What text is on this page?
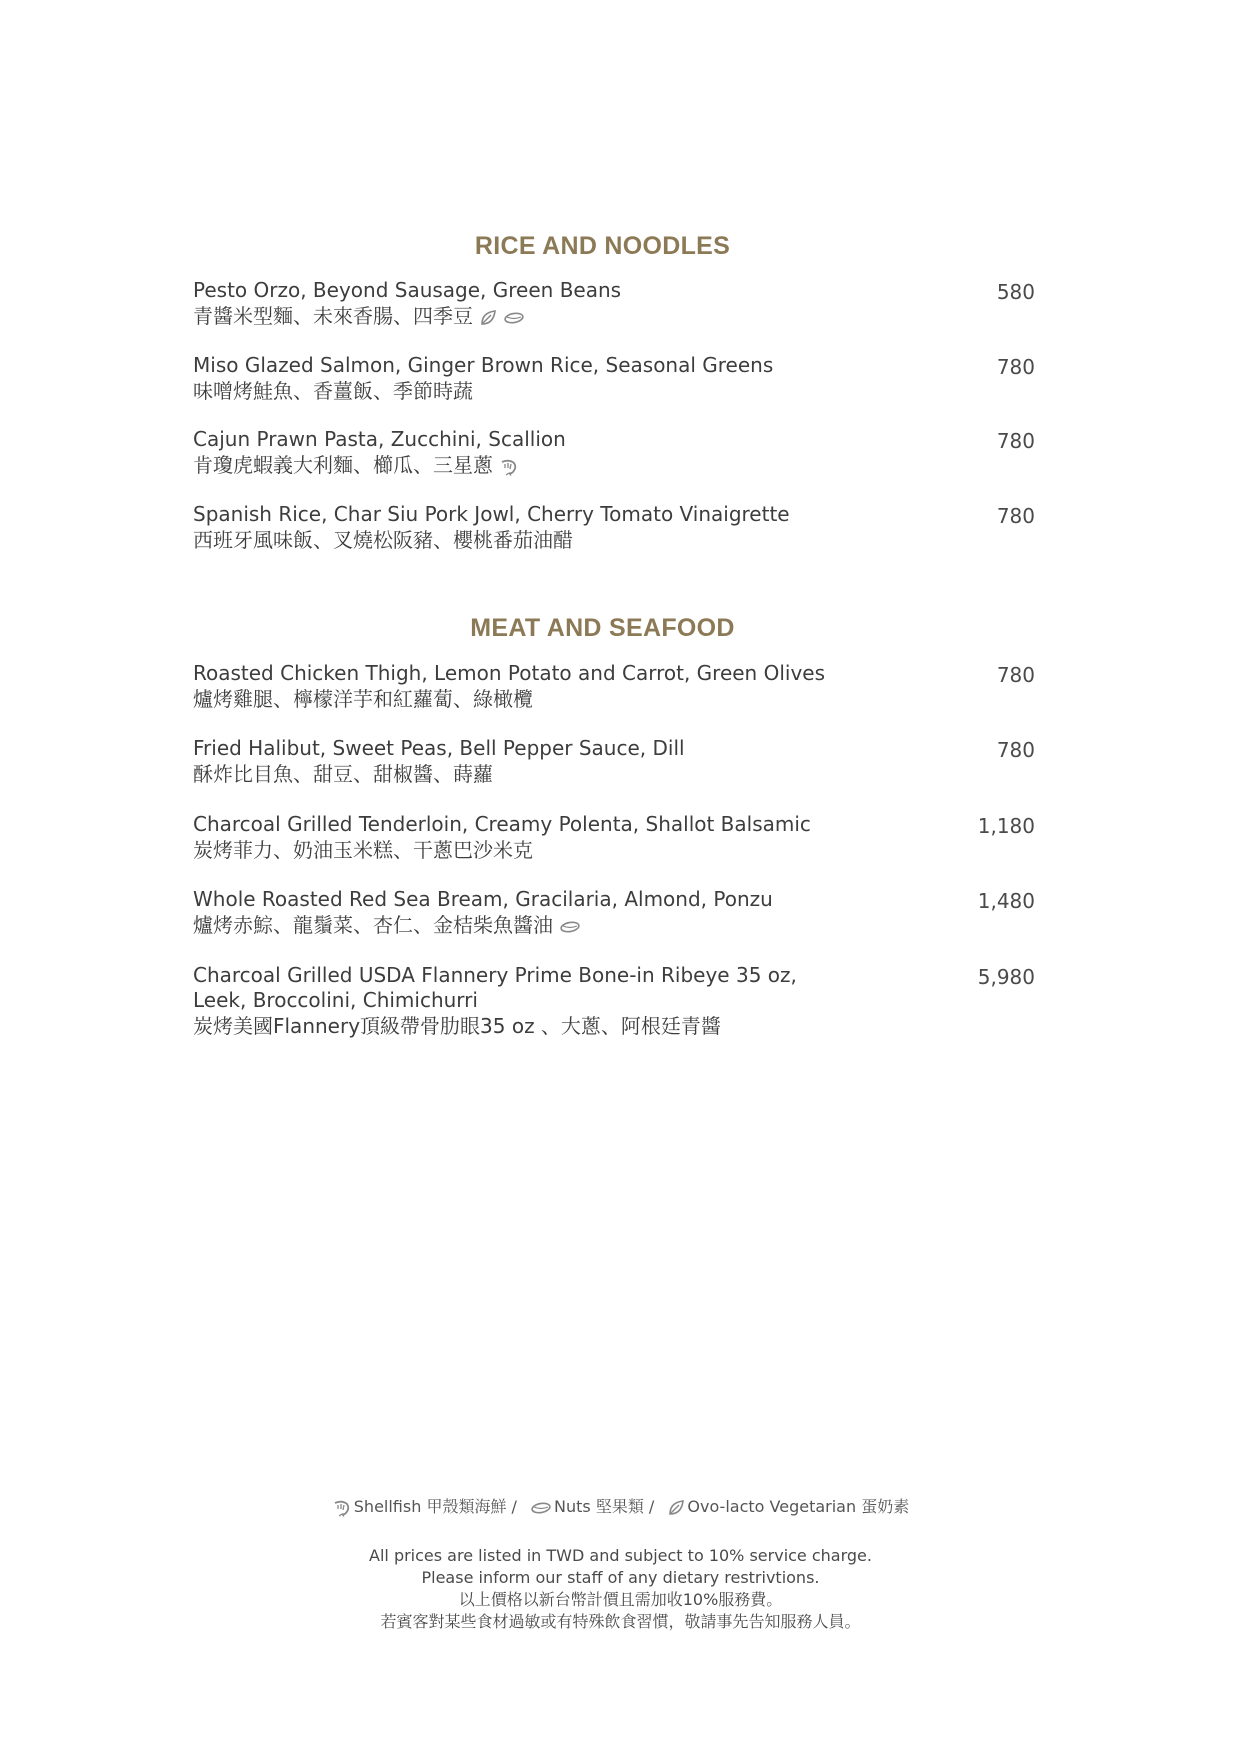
RICE AND NOODLES
Pesto Orzo, Beyond Sausage, Green Beans
青醬米型麵、未來香腸、四季豆
580
Miso Glazed Salmon, Ginger Brown Rice, Seasonal Greens
味噌烤鮭魚、香薑飯、季節時蔬
780
Cajun Prawn Pasta, Zucchini, Scallion
肯瓊虎蝦義大利麵、櫛瓜、三星蔥
780
Spanish Rice, Char Siu Pork Jowl, Cherry Tomato Vinaigrette
西班牙風味飯、叉燒松阪豬、櫻桃番茄油醋
780
MEAT AND SEAFOOD
Roasted Chicken Thigh, Lemon Potato and Carrot, Green Olives
爐烤雞腿、檸檬洋芋和紅蘿蔔、綠橄欖
780
Fried Halibut, Sweet Peas, Bell Pepper Sauce, Dill
酥炸比目魚、甜豆、甜椒醬、蒔蘿
780
Charcoal Grilled Tenderloin, Creamy Polenta, Shallot Balsamic
炭烤菲力、奶油玉米糕、干蔥巴沙米克
1,180
Whole Roasted Red Sea Bream, Gracilaria, Almond, Ponzu
爐烤赤鯮、龍鬚菜、杏仁、金桔柴魚醬油
1,480
Charcoal Grilled USDA Flannery Prime Bone-in Ribeye 35 oz,
Leek, Broccolini, Chimichurri
炭烤美國Flannery頂級帶骨肋眼35 oz 、大蔥、阿根廷青醬
5,980
Shellfish 甲殼類海鮮 / Nuts 堅果類 / Ovo-lacto Vegetarian 蛋奶素
All prices are listed in TWD and subject to 10% service charge.
Please inform our staff of any dietary restrivtions.
以上價格以新台幣計價且需加收10%服務費。
若賓客對某些食材過敏或有特殊飲食習慣，敬請事先告知服務人員。
